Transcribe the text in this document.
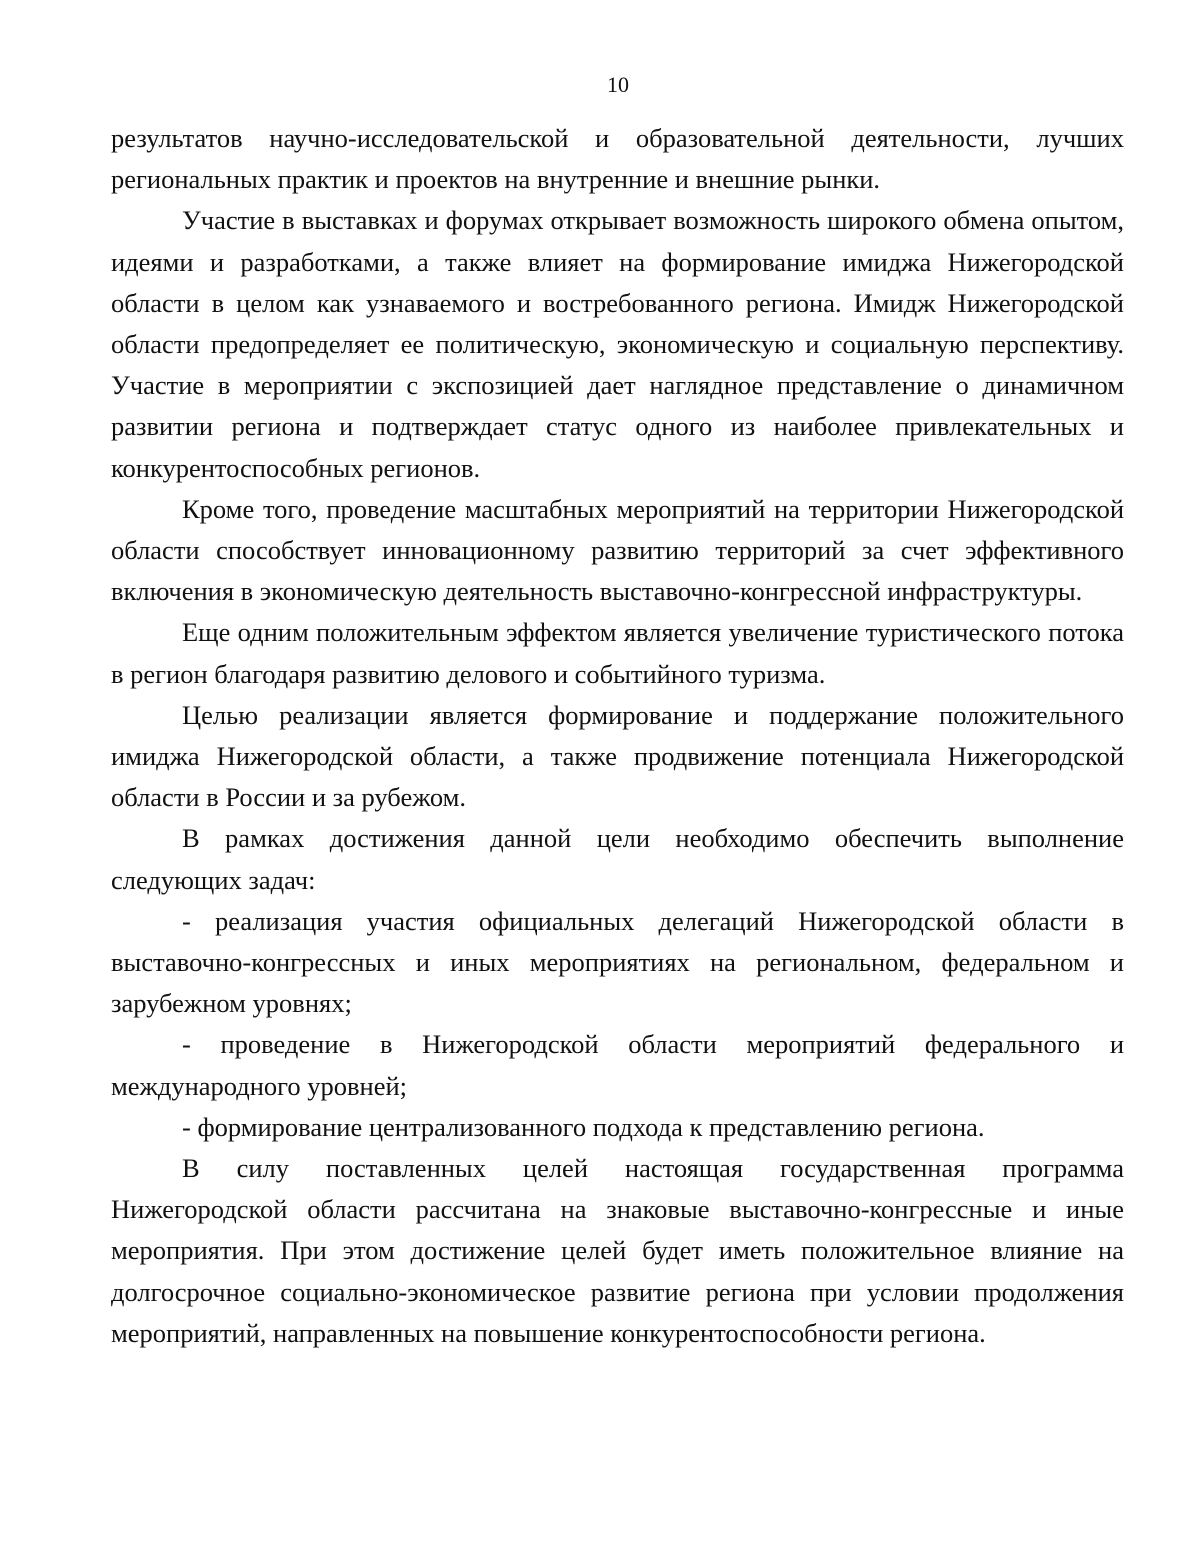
10

результатов научно-исследовательской и образовательной деятельности, лучших региональных практик и проектов на внутренние и внешние рынки.

Участие в выставках и форумах открывает возможность широкого обмена опытом, идеями и разработками, а также влияет на формирование имиджа Нижегородской области в целом как узнаваемого и востребованного региона. Имидж Нижегородской области предопределяет ее политическую, экономическую и социальную перспективу. Участие в мероприятии с экспозицией дает наглядное представление о динамичном развитии региона и подтверждает статус одного из наиболее привлекательных и конкурентоспособных регионов.

Кроме того, проведение масштабных мероприятий на территории Нижегородской области способствует инновационному развитию территорий за счет эффективного включения в экономическую деятельность выставочно-конгрессной инфраструктуры.

Еще одним положительным эффектом является увеличение туристического потока в регион благодаря развитию делового и событийного туризма.

Целью реализации является формирование и поддержание положительного имиджа Нижегородской области, а также продвижение потенциала Нижегородской области в России и за рубежом.

В рамках достижения данной цели необходимо обеспечить выполнение следующих задач:

- реализация участия официальных делегаций Нижегородской области в выставочно-конгрессных и иных мероприятиях на региональном, федеральном и зарубежном уровнях;

- проведение в Нижегородской области мероприятий федерального и международного уровней;

- формирование централизованного подхода к представлению региона.

В силу поставленных целей настоящая государственная программа Нижегородской области рассчитана на знаковые выставочно-конгрессные и иные мероприятия. При этом достижение целей будет иметь положительное влияние на долгосрочное социально-экономическое развитие региона при условии продолжения мероприятий, направленных на повышение конкурентоспособности региона.
